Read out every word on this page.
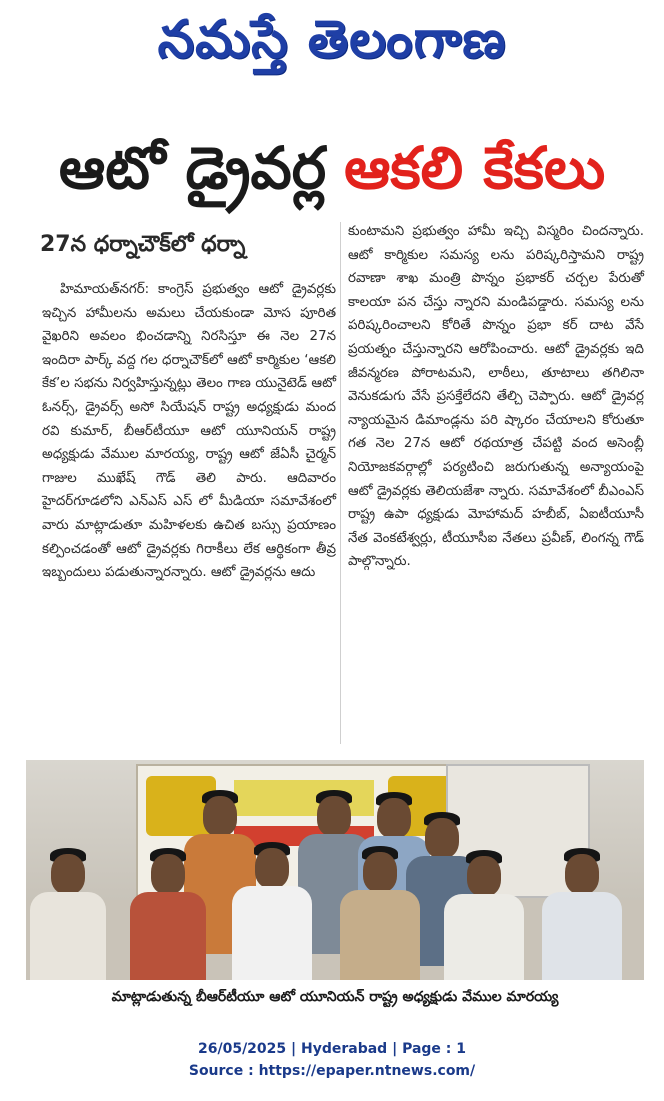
నమస్తే తెలంగాణ
ఆటో డ్రైవర్ల ఆకలి కేకలు
27న ధర్నాచౌక్‌లో ధర్నా

హిమాయత్‌నగర్: కాంగ్రెస్ ప్రభుత్వం ఆటో డ్రైవర్లకు ఇచ్చిన హామీలను అమలు చేయకుండా మోస పూరిత వైఖరిని అవలం భించడాన్ని నిరసిస్తూ ఈ నెల 27న ఇందిరా పార్క్ వద్ద గల ధర్నాచౌక్‌లో ఆటో కార్మికుల ‘ఆకలి కేక’ల సభను నిర్వహిస్తున్నట్లు తెలం గాణ యునైటెడ్ ఆటో ఓనర్స్, డ్రైవర్స్ అసో సియేషన్ రాష్ట్ర అధ్యక్షుడు మంద రవి కుమార్, బీఆర్‌టీయూ ఆటో యూనియన్ రాష్ట్ర అధ్యక్షుడు వేముల మారయ్య, రాష్ట్ర ఆటో జేఏసీ చైర్మన్ గాజుల ముఖేష్ గౌడ్ తెలి పారు. ఆదివారం హైదర్‌గూడలోని ఎన్‌ఎస్ ఎస్ లో మీడియా సమావేశంలో వారు మాట్లాడుతూ మహిళలకు ఉచిత బస్సు ప్రయాణం కల్పించడంతో ఆటో డ్రైవర్లకు గిరాకీలు లేక ఆర్థికంగా తీవ్ర ఇబ్బందులు పడుతున్నారన్నారు. ఆటో డ్రైవర్లను ఆదు

కుంటామని ప్రభుత్వం హామీ ఇచ్చి విస్మరిం చిందన్నారు. ఆటో కార్మికుల సమస్య లను పరిష్కరిస్తామని రాష్ట్ర రవాణా శాఖ మంత్రి పొన్నం ప్రభాకర్ చర్చల పేరుతో కాలయా పన చేస్తు న్నారని మండిపడ్డారు. సమస్య లను పరిష్కరించాలని కోరితే పొన్నం ప్రభా కర్ దాట వేసే ప్రయత్నం చేస్తున్నారని ఆరోపించారు. ఆటో డ్రైవర్లకు ఇది జీవన్మరణ పోరాటమని, లాఠీలు, తూటాలు తగిలినా వెనుకడుగు వేసే ప్రసక్తేలేదని తేల్చి చెప్పారు. ఆటో డ్రైవర్ల న్యాయమైన డిమాండ్లను పరి ష్కారం చేయాలని కోరుతూ గత నెల 27న ఆటో రథయాత్ర చేపట్టి వంద అసెంబ్లీ నియోజకవర్గాల్లో పర్యటించి జరుగుతున్న అన్యాయంపై ఆటో డ్రైవర్లకు తెలియజేశా న్నారు. సమావేశంలో బీఎంఎస్ రాష్ట్ర ఉపా ధ్యక్షుడు మోహామద్ హబీబ్, ఏఐటీయూసీ నేత వెంకటేశ్వర్లు, టీయూసీఐ నేతలు ప్రవీణ్, లింగన్న గౌడ్ పాల్గొన్నారు.

మాట్లాడుతున్న బీఆర్‌టీయూ ఆటో యూనియన్ రాష్ట్ర అధ్యక్షుడు వేముల మారయ్య
26/05/2025 | Hyderabad | Page : 1
Source : https://epaper.ntnews.com/
